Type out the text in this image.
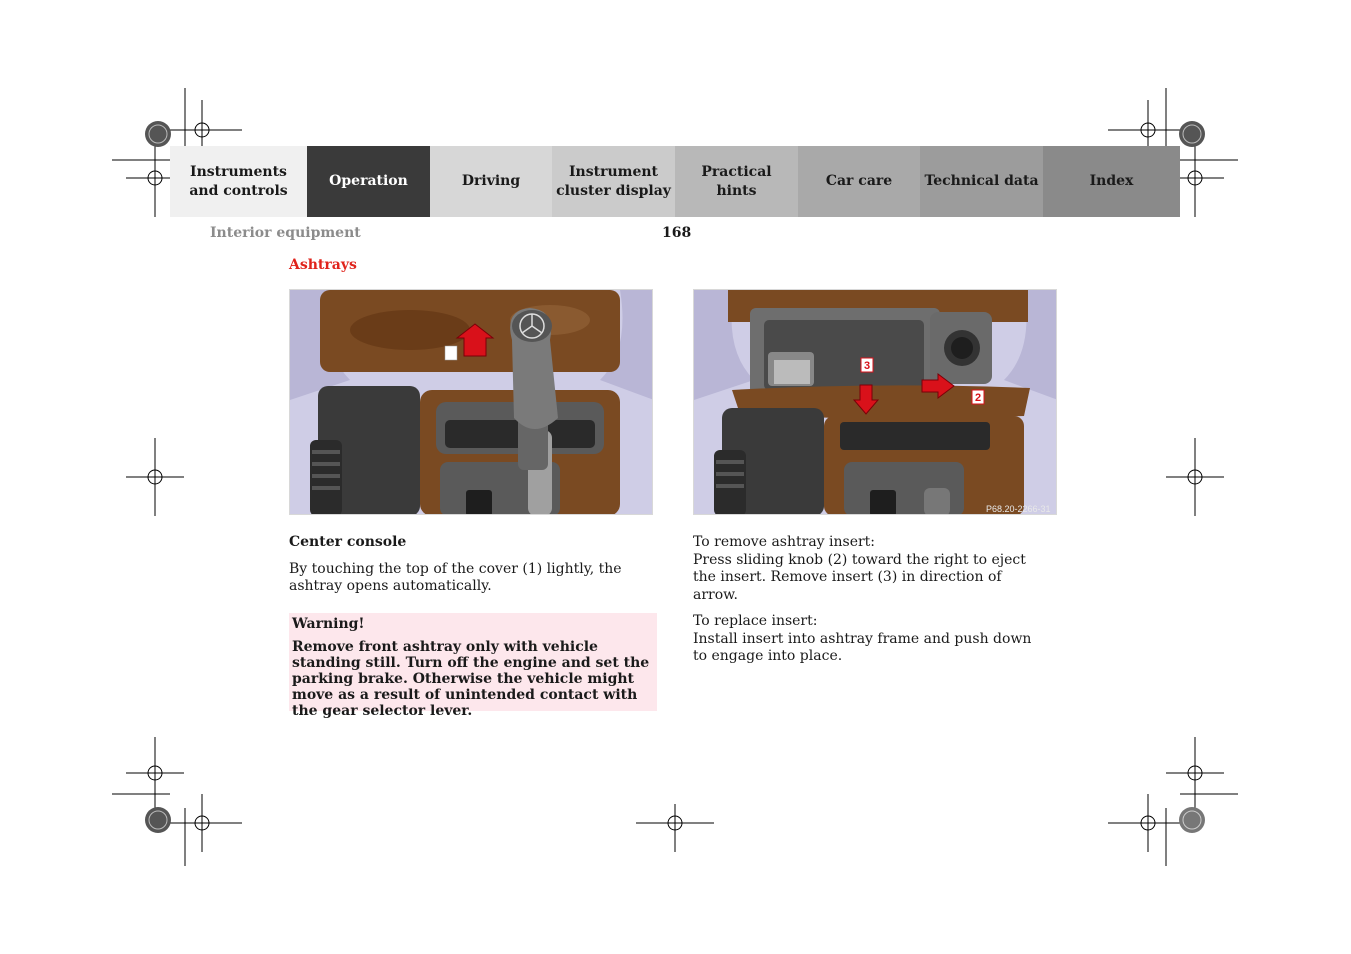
Instruments and controls
Operation	Driving
Instrument cluster display
Practical hints
Car care Technical data	Index
Interior equipment	168
Ashtrays
3
2
P68.20-2266-31

Center console

By touching the top of the cover (1) lightly, the ashtray opens automatically.

Warning!
Remove front ashtray only with vehicle standing still. Turn off the engine and set the parking brake. Otherwise the vehicle might move as a result of unintended contact with the gear selector lever.

To remove ashtray insert:

Press sliding knob (2) toward the right to eject the insert. Remove insert (3) in direction of arrow.

To replace insert:

Install insert into ashtray frame and push down to engage into place.
